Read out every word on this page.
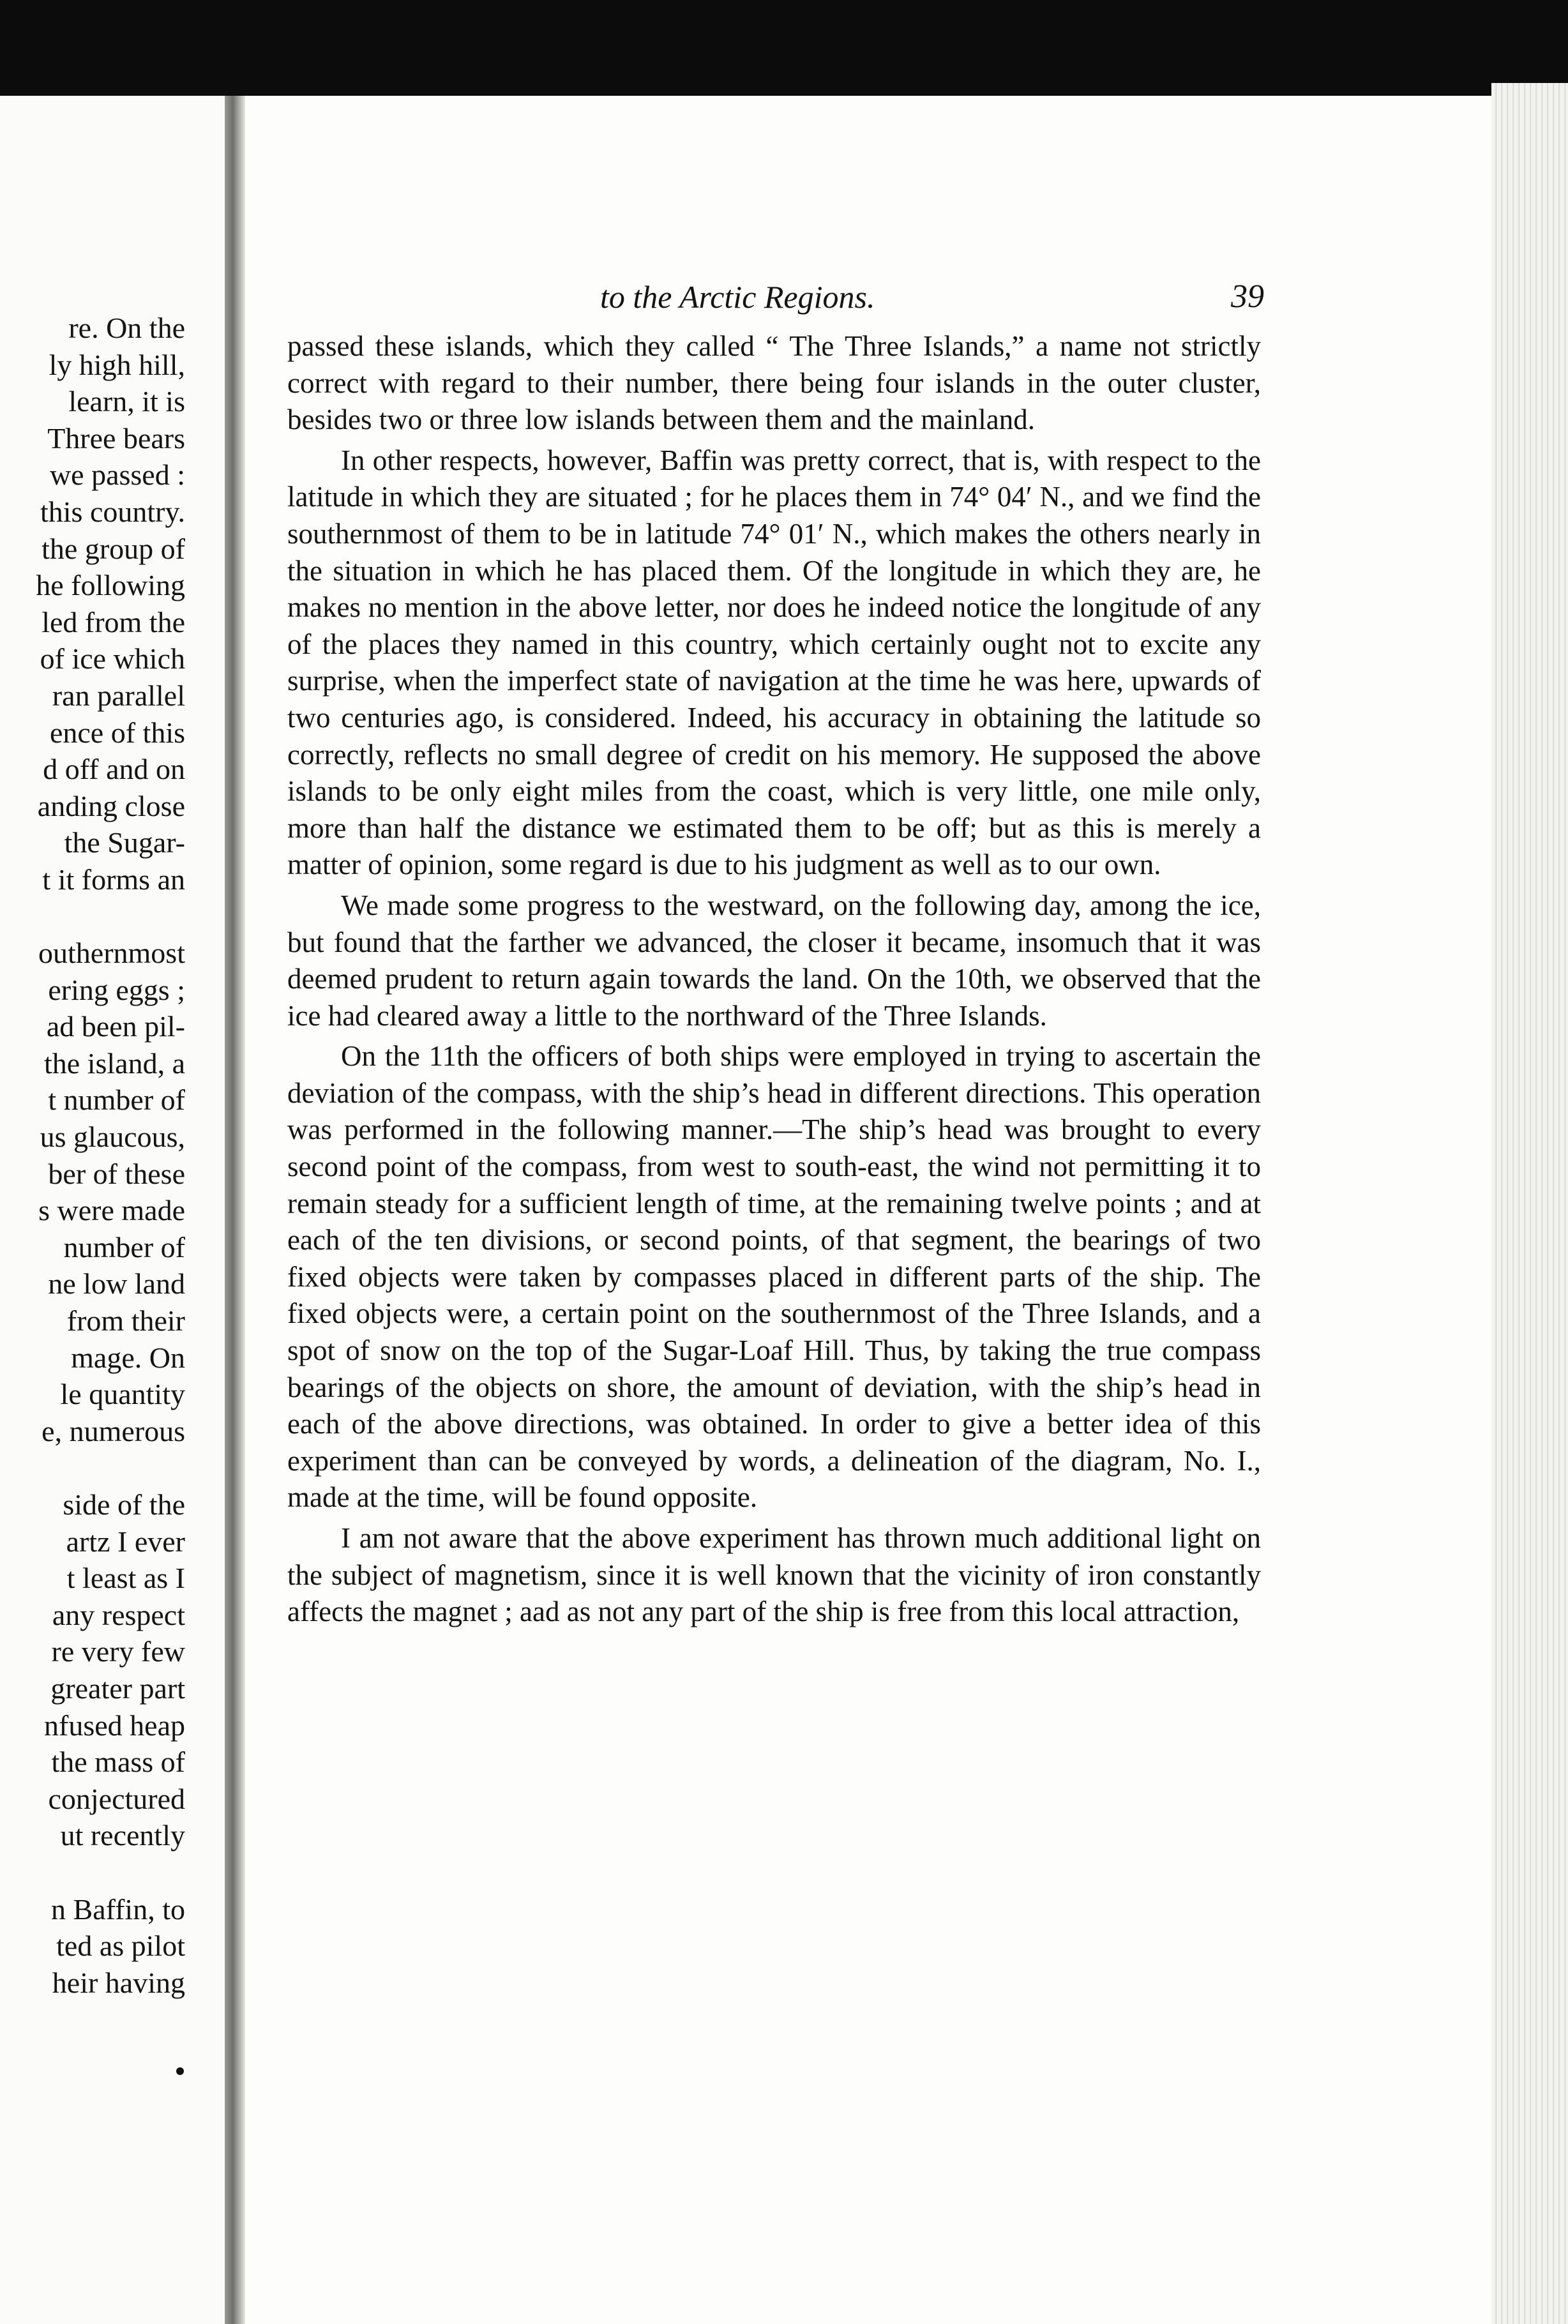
re. On the
ly high hill,
learn, it is
Three bears
we passed :
this country.
the group of
he following
led from the
of ice which
ran parallel
ence of this
d off and on
anding close
the Sugar-
t it forms an
outhernmost
ering eggs ;
ad been pil-
the island, a
t number of
us glaucous,
ber of these
s were made
number of
ne low land
from their
mage. On
le quantity
e, numerous
side of the
artz I ever
t least as I
any respect
re very few
greater part
nfused heap
the mass of
conjectured
ut recently
n Baffin, to
ted as pilot
heir having
to the Arctic Regions.	39

passed these islands, which they called “ The Three Islands,” a name not strictly correct with regard to their number, there being four islands in the outer cluster, besides two or three low islands between them and the mainland.

In other respects, however, Baffin was pretty correct, that is, with respect to the latitude in which they are situated ; for he places them in 74° 04′ N., and we find the southernmost of them to be in latitude 74° 01′ N., which makes the others nearly in the situation in which he has placed them. Of the longitude in which they are, he makes no mention in the above letter, nor does he indeed notice the longitude of any of the places they named in this country, which certainly ought not to excite any surprise, when the imperfect state of navigation at the time he was here, upwards of two centuries ago, is considered. Indeed, his accuracy in obtaining the latitude so correctly, reflects no small degree of credit on his memory. He supposed the above islands to be only eight miles from the coast, which is very little, one mile only, more than half the distance we estimated them to be off; but as this is merely a matter of opinion, some regard is due to his judgment as well as to our own.

We made some progress to the westward, on the following day, among the ice, but found that the farther we advanced, the closer it became, insomuch that it was deemed prudent to return again towards the land. On the 10th, we observed that the ice had cleared away a little to the northward of the Three Islands.

On the 11th the officers of both ships were employed in trying to ascertain the deviation of the compass, with the ship’s head in different directions. This operation was performed in the following manner.—The ship’s head was brought to every second point of the compass, from west to south-east, the wind not permitting it to remain steady for a sufficient length of time, at the remaining twelve points ; and at each of the ten divisions, or second points, of that segment, the bearings of two fixed objects were taken by compasses placed in different parts of the ship. The fixed objects were, a certain point on the southernmost of the Three Islands, and a spot of snow on the top of the Sugar-Loaf Hill. Thus, by taking the true compass bearings of the objects on shore, the amount of deviation, with the ship’s head in each of the above directions, was obtained. In order to give a better idea of this experiment than can be conveyed by words, a delineation of the diagram, No. I., made at the time, will be found opposite.

I am not aware that the above experiment has thrown much additional light on the subject of magnetism, since it is well known that the vicinity of iron constantly affects the magnet ; aad as not any part of the ship is free from this local attraction,
